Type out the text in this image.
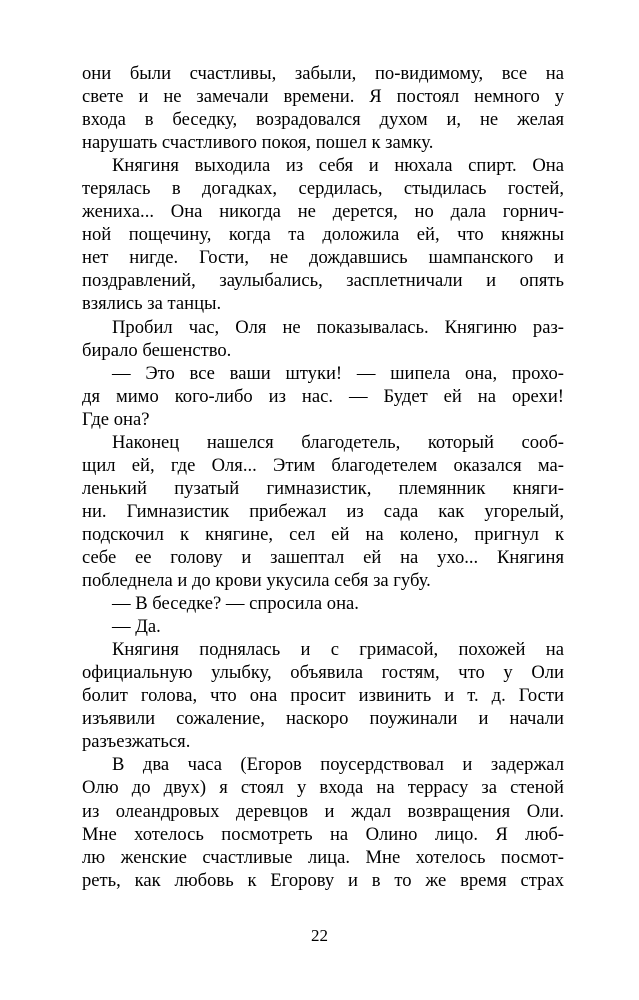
они были счастливы, забыли, по-видимому, все на
свете и не замечали времени. Я постоял немного у
входа в беседку, возрадовался духом и, не желая
нарушать счастливого покоя, пошел к замку.
Княгиня выходила из себя и нюхала спирт. Она
терялась в догадках, сердилась, стыдилась гостей,
жениха... Она никогда не дерется, но дала горнич-
ной пощечину, когда та доложила ей, что княжны
нет нигде. Гости, не дождавшись шампанского и
поздравлений, заулыбались, засплетничали и опять
взялись за танцы.
Пробил час, Оля не показывалась. Княгиню раз-
бирало бешенство.
— Это все ваши штуки! — шипела она, прохо-
дя мимо кого-либо из нас. — Будет ей на орехи!
Где она?
Наконец нашелся благодетель, который сооб-
щил ей, где Оля... Этим благодетелем оказался ма-
ленький пузатый гимназистик, племянник княги-
ни. Гимназистик прибежал из сада как угорелый,
подскочил к княгине, сел ей на колено, пригнул к
себе ее голову и зашептал ей на ухо... Княгиня
побледнела и до крови укусила себя за губу.
— В беседке? — спросила она.
— Да.
Княгиня поднялась и с гримасой, похожей на
официальную улыбку, объявила гостям, что у Оли
болит голова, что она просит извинить и т. д. Гости
изъявили сожаление, наскоро поужинали и начали
разъезжаться.
В два часа (Егоров поусердствовал и задержал
Олю до двух) я стоял у входа на террасу за стеной
из олеандровых деревцов и ждал возвращения Оли.
Мне хотелось посмотреть на Олино лицо. Я люб-
лю женские счастливые лица. Мне хотелось посмот-
реть, как любовь к Егорову и в то же время страх
22
